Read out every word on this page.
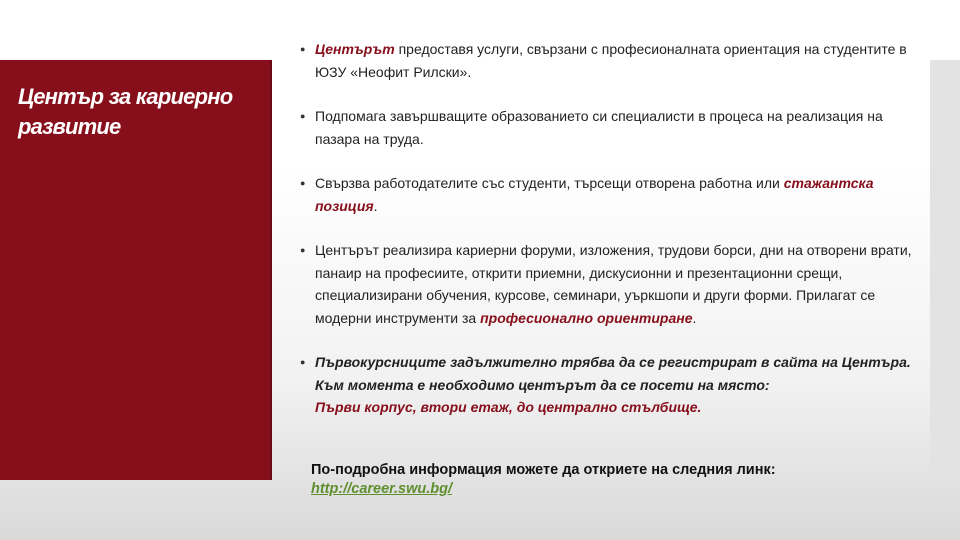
Център за кариерно развитие
● Центърът предоставя услуги, свързани с професионалната ориентация на студентите в ЮЗУ «Неофит Рилски».

● Подпомага завършващите образованието си специалисти в процеса на реализация на пазара на труда.

● Свързва работодателите със студенти, търсещи отворена работна или стажантска позиция.

● Центърът реализира кариерни форуми, изложения, трудови борси, дни на отворени врати, панаир на професиите, открити приемни, дискусионни и презентационни срещи, специализирани обучения, курсове, семинари, уъркшопи и други форми. Прилагат се модерни инструменти за професионално ориентиране.

● Първокурсниците задължително трябва да се регистрират в сайта на Центъра. Към момента е необходимо центърът да се посети на място:
Първи корпус, втори етаж, до централно стълбище.

По-подробна информация можете да откриете на следния линк:
http://career.swu.bg/
